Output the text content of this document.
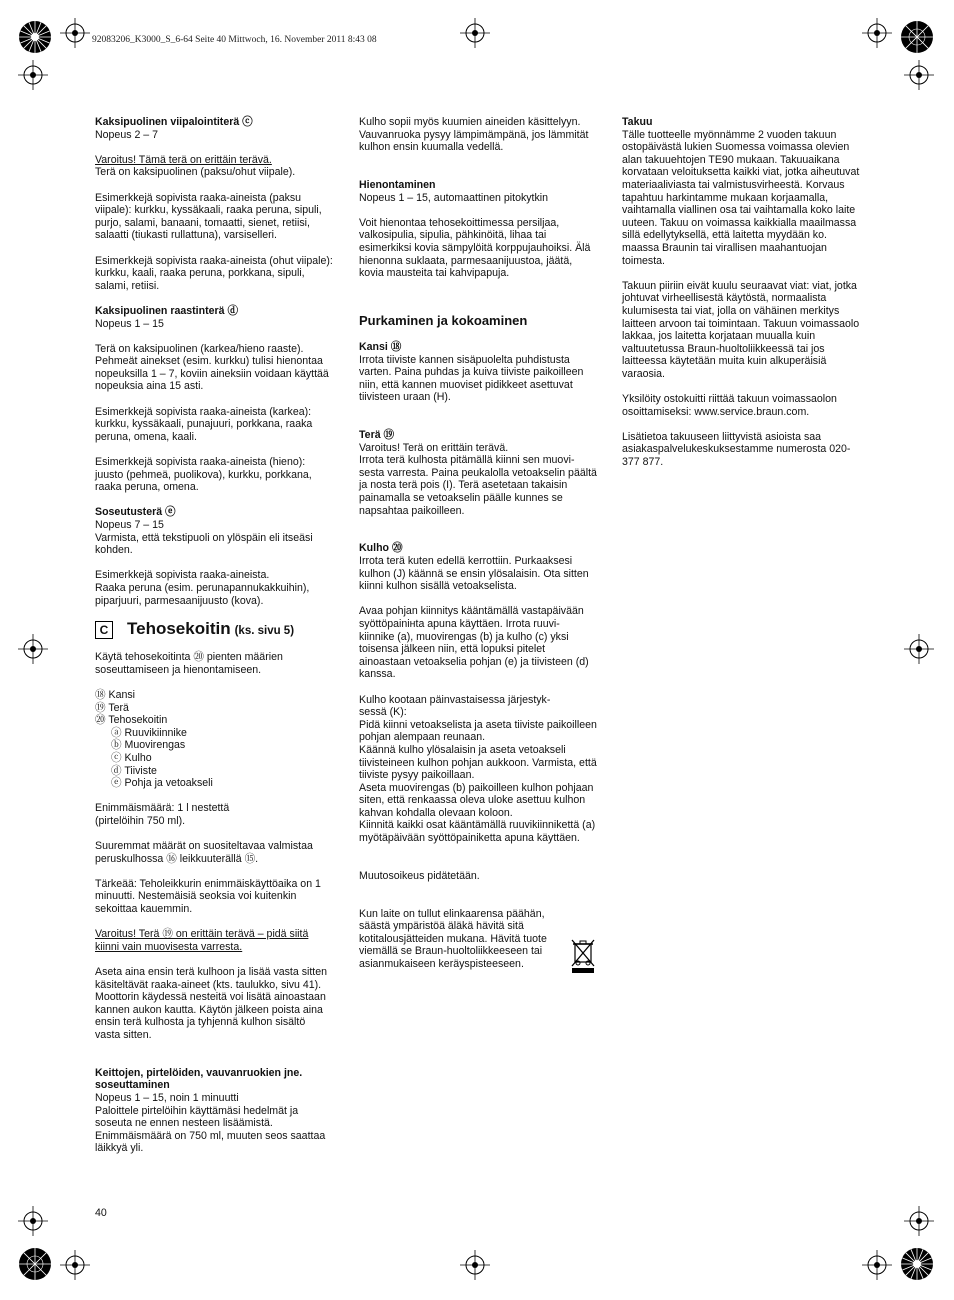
92083206_K3000_S_6-64 Seite 40 Mittwoch, 16. November 2011 8:43 08

Kaksipuolinen viipalointiterä ⓒ

Nopeus 2 – 7

Varoitus! Tämä terä on erittäin terävä.

Terä on kaksipuolinen (paksu/ohut viipale).

Esimerkkejä sopivista raaka-aineista (paksu viipale): kurkku, kyssäkaali, raaka peruna, sipuli, purjo, salami, banaani, tomaatti, sienet, retiisi, salaatti (tiukasti rullattuna), varsiselleri.

Esimerkkejä sopivista raaka-aineista (ohut viipale): kurkku, kaali, raaka peruna, porkkana, sipuli, salami, retiisi.

Kaksipuolinen raastinterä ⓓ

Nopeus 1 – 15

Terä on kaksipuolinen (karkea/hieno raaste). Pehmeät ainekset (esim. kurkku) tulisi hienontaa nopeuksilla 1 – 7, koviin aineksiin voidaan käyttää nopeuksia aina 15 asti.

Esimerkkejä sopivista raaka-aineista (karkea): kurkku, kyssäkaali, punajuuri, porkkana, raaka peruna, omena, kaali.

Esimerkkejä sopivista raaka-aineista (hieno): juusto (pehmeä, puolikova), kurkku, porkkana, raaka peruna, omena.

Soseutusterä ⓔ

Nopeus 7 – 15

Varmista, että tekstipuoli on ylöspäin eli itseäsi kohden.

Esimerkkejä sopivista raaka-aineista.

Raaka peruna (esim. perunapannukakkuihin), piparjuuri, parmesaanijuusto (kova).

C Tehosekoitin (ks. sivu 5)

Käytä tehosekoitinta ⑳ pienten määrien soseuttamiseen ja hienontamiseen.

⑱ Kansi

⑲ Terä

⑳ Tehosekoitin

ⓐ Ruuvikiinnike

ⓑ Muovirengas

ⓒ Kulho

ⓓ Tiiviste

ⓔ Pohja ja vetoakseli

Enimmäismäärä: 1 l nestettä

(pirtelöihin 750 ml).

Suuremmat määrät on suositeltavaa valmistaa peruskulhossa ⑯ leikkuuterällä ⑮.

Tärkeää: Teholeikkurin enimmäiskäyttöaika on 1 minuutti. Nestemäisiä seoksia voi kuitenkin sekoittaa kauemmin.

Varoitus! Terä ⑲ on erittäin terävä – pidä siitä kiinni vain muovisesta varresta.

Aseta aina ensin terä kulhoon ja lisää vasta sitten käsiteltävät raaka-aineet (kts. taulukko, sivu 41). Moottorin käydessä nesteitä voi lisätä ainoastaan kannen aukon kautta. Käytön jälkeen poista aina ensin terä kulhosta ja tyhjennä kulhon sisältö vasta sitten.

Keittojen, pirtelöiden, vauvanruokien jne. soseuttaminen

Nopeus 1 – 15, noin 1 minuutti

Paloittele pirtelöihin käyttämäsi hedelmät ja soseuta ne ennen nesteen lisäämistä. Enimmäismäärä on 750 ml, muuten seos saattaa läikkyä yli.

Kulho sopii myös kuumien aineiden käsittelyyn. Vauvanruoka pysyy lämpimämpänä, jos lämmität kulhon ensin kuumalla vedellä.

Hienontaminen

Nopeus 1 – 15, automaattinen pitokytkin

Voit hienontaa tehosekoittimessa persiljaa, valkosipulia, sipulia, pähkinöitä, lihaa tai esimerkiksi kovia sämpylöitä korppujauhoiksi. Älä hienonna suklaata, parmesaanijuustoa, jäätä, kovia mausteita tai kahvipapuja.

Purkaminen ja kokoaminen

Kansi ⑱

Irrota tiiviste kannen sisäpuolelta puhdistusta varten. Paina puhdas ja kuiva tiiviste paikoilleen niin, että kannen muoviset pidikkeet asettuvat tiivisteen uraan (H).

Terä ⑲

Varoitus! Terä on erittäin terävä.

Irrota terä kulhosta pitämällä kiinni sen muovi-
sesta varresta. Paina peukalolla vetoakselin päältä ja nosta terä pois (I). Terä asetetaan takaisin painamalla se vetoakselin päälle kunnes se napsahtaa paikoilleen.

Kulho ⑳

Irrota terä kuten edellä kerrottiin. Purkaaksesi kulhon (J) käännä se ensin ylösalaisin. Ota sitten kiinni kulhon sisällä vetoakselista.

Avaa pohjan kiinnitys kääntämällä vastapäivään syöttöpainінta apuna käyttäen. Irrota ruuvi-
kiinnike (a), muovirengas (b) ja kulho (c) yksi toisensa jälkeen niin, että lopuksi pitelet ainoastaan vetoakselia pohjan (e) ja tiivisteen (d) kanssa.

Kulho kootaan päinvastaisessa järjestyk-
sessä (K):
Pidä kiinni vetoakselista ja aseta tiiviste paikoilleen pohjan alempaan reunaan.
Käännä kulho ylösalaisin ja aseta vetoakseli tiivisteineen kulhon pohjan aukkoon. Varmista, että tiiviste pysyy paikoillaan.
Aseta muovirengas (b) paikoilleen kulhon pohjaan siten, että renkaassa oleva uloke asettuu kulhon kahvan kohdalla olevaan koloon.
Kiinnitä kaikki osat kääntämällä ruuvikiinnikettä (a) myötäpäivään syöttöpainiketta apuna käyttäen.

Muutosoikeus pidätetään.

Kun laite on tullut elinkaarensa päähän, säästä ympäristöä äläkä hävitä sitä kotitalousjätteiden mukana. Hävitä tuote viemällä se Braun-huoltoliikkeeseen tai asianmukaiseen keräyspisteeseen.

Takuu

Tälle tuotteelle myönnämme 2 vuoden takuun ostopäivästä lukien Suomessa voimassa olevien alan takuuehtojen TE90 mukaan. Takuuaikana korvataan veloituksetta kaikki viat, jotka aiheutuvat materiaaliviasta tai valmistusvirheestä. Korvaus tapahtuu harkintamme mukaan korjaamalla, vaihtamalla viallinen osa tai vaihtamalla koko laite uuteen. Takuu on voimassa kaikkialla maailmassa sillä edellytyksellä, että laitetta myydään ko. maassa Braunin tai virallisen maahantuojan toimesta.

Takuun piiriin eivät kuulu seuraavat viat: viat, jotka johtuvat virheellisestä käytöstä, normaalista kulumisesta tai viat, jolla on vähäinen merkitys laitteen arvoon tai toimintaan. Takuun voimassaolo lakkaa, jos laitetta korjataan muualla kuin valtuutetussa Braun-huoltoliikkeessä tai jos laitteessa käytetään muita kuin alkuperäisiä varaosia.

Yksilöity ostokuitti riittää takuun voimassaolon osoittamiseksi: www.service.braun.com.

Lisätietoa takuuseen liittyvistä asioista saa asiakaspalvelukeskuksestamme numerosta 020-377 877.

40
